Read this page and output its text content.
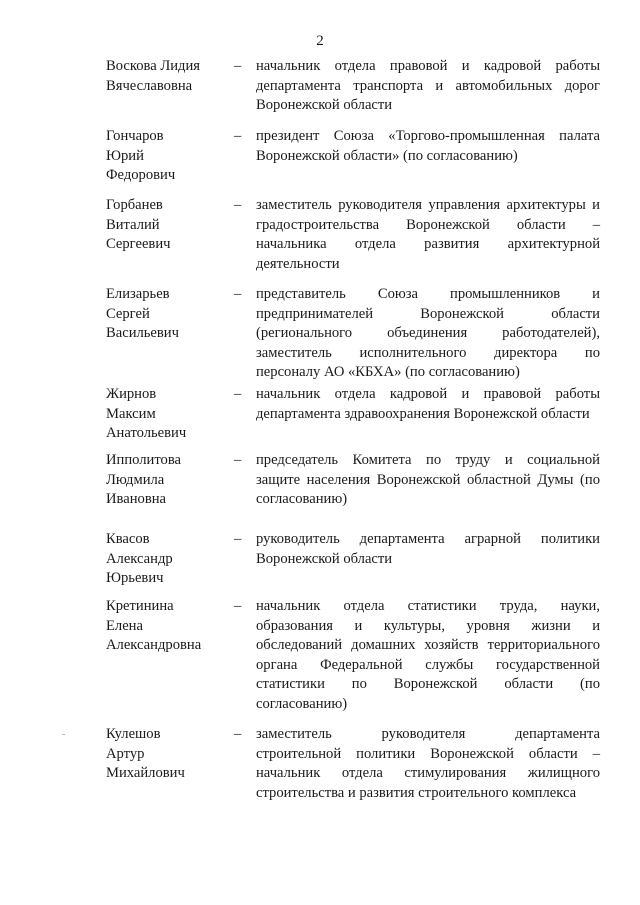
2
-
Воскова Лидия
Вячеславовна
– начальник отдела правовой и кадровой работы
департамента транспорта и автомобильных дорог
Воронежской области
Гончаров
Юрий
Федорович
– президент Союза «Торгово-промышленная палата
Воронежской области» (по согласованию)
Горбанев
Виталий
Сергеевич
– заместитель руководителя управления архитектуры и
градостроительства Воронежской области –
начальника отдела развития архитектурной
деятельности
Елизарьев
Сергей
Васильевич
– представитель Союза промышленников и
предпринимателей Воронежской области
(регионального объединения работодателей),
заместитель исполнительного директора по
персоналу АО «КБХА» (по согласованию)
Жирнов
Максим
Анатольевич
– начальник отдела кадровой и правовой работы
департамента здравоохранения Воронежской области
Ипполитова
Людмила
Ивановна
– председатель Комитета по труду и социальной
защите населения Воронежской областной Думы (по
согласованию)
Квасов
Александр
Юрьевич
– руководитель департамента аграрной политики
Воронежской области
Кретинина
Елена
Александровна
– начальник отдела статистики труда, науки,
образования и культуры, уровня жизни и
обследований домашних хозяйств территориального
органа Федеральной службы государственной
статистики по Воронежской области (по
согласованию)
Кулешов
Артур
Михайлович
– заместитель руководителя департамента
строительной политики Воронежской области –
начальник отдела стимулирования жилищного
строительства и развития строительного комплекса
